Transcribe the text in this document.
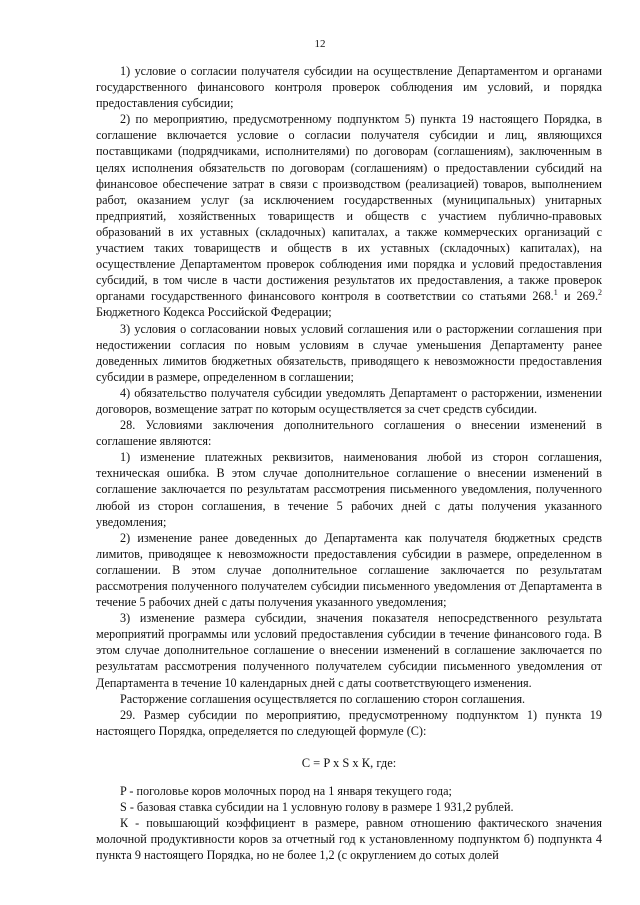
12

1) условие о согласии получателя субсидии на осуществление Департаментом и органами государственного финансового контроля проверок соблюдения им условий, и порядка предоставления субсидии;

2) по мероприятию, предусмотренному подпунктом 5) пункта 19 настоящего Порядка, в соглашение включается условие о согласии получателя субсидии и лиц, являющихся поставщиками (подрядчиками, исполнителями) по договорам (соглашениям), заключенным в целях исполнения обязательств по договорам (соглашениям) о предоставлении субсидий на финансовое обеспечение затрат в связи с производством (реализацией) товаров, выполнением работ, оказанием услуг (за исключением государственных (муниципальных) унитарных предприятий, хозяйственных товариществ и обществ с участием публично-правовых образований в их уставных (складочных) капиталах, а также коммерческих организаций с участием таких товариществ и обществ в их уставных (складочных) капиталах), на осуществление Департаментом проверок соблюдения ими порядка и условий предоставления субсидий, в том числе в части достижения результатов их предоставления, а также проверок органами государственного финансового контроля в соответствии со статьями 268.$^1$ и 269.$^2$ Бюджетного Кодекса Российской Федерации;

3) условия о согласовании новых условий соглашения или о расторжении соглашения при недостижении согласия по новым условиям в случае уменьшения Департаменту ранее доведенных лимитов бюджетных обязательств, приводящего к невозможности предоставления субсидии в размере, определенном в соглашении;

4) обязательство получателя субсидии уведомлять Департамент о расторжении, изменении договоров, возмещение затрат по которым осуществляется за счет средств субсидии.

28. Условиями заключения дополнительного соглашения о внесении изменений в соглашение являются:

1) изменение платежных реквизитов, наименования любой из сторон соглашения, техническая ошибка. В этом случае дополнительное соглашение о внесении изменений в соглашение заключается по результатам рассмотрения письменного уведомления, полученного любой из сторон соглашения, в течение 5 рабочих дней с даты получения указанного уведомления;

2) изменение ранее доведенных до Департамента как получателя бюджетных средств лимитов, приводящее к невозможности предоставления субсидии в размере, определенном в соглашении. В этом случае дополнительное соглашение заключается по результатам рассмотрения полученного получателем субсидии письменного уведомления от Департамента в течение 5 рабочих дней с даты получения указанного уведомления;

3) изменение размера субсидии, значения показателя непосредственного результата мероприятий программы или условий предоставления субсидии в течение финансового года. В этом случае дополнительное соглашение о внесении изменений в соглашение заключается по результатам рассмотрения полученного получателем субсидии письменного уведомления от Департамента в течение 10 календарных дней с даты соответствующего изменения.

Расторжение соглашения осуществляется по соглашению сторон соглашения.

29. Размер субсидии по мероприятию, предусмотренному подпунктом 1) пункта 19 настоящего Порядка, определяется по следующей формуле (С):

С = P x S x К, где:

P - поголовье коров молочных пород на 1 января текущего года;

S - базовая ставка субсидии на 1 условную голову в размере 1 931,2 рублей.

К - повышающий коэффициент в размере, равном отношению фактического значения молочной продуктивности коров за отчетный год к установленному подпунктом б) подпункта 4 пункта 9 настоящего Порядка, но не более 1,2 (с округлением до сотых долей
